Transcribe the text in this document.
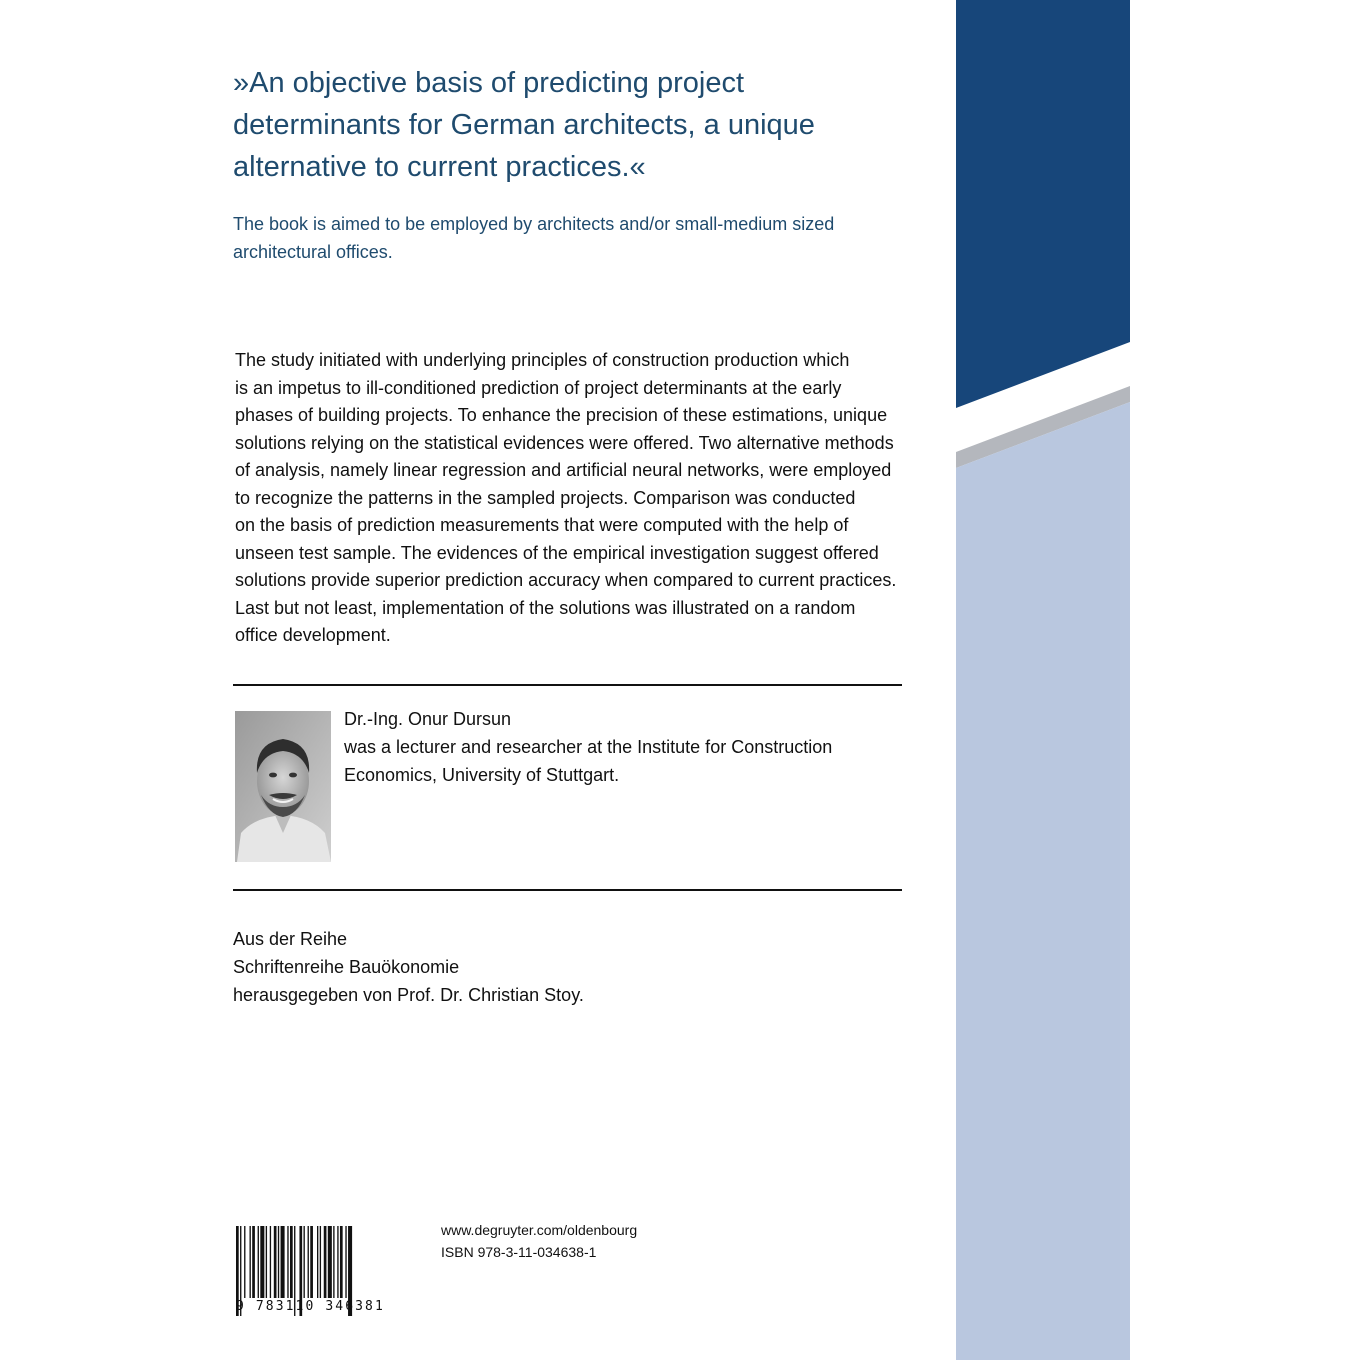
»An objective basis of predicting project determinants for German architects, a unique alternative to current practices.«

The book is aimed to be employed by architects and/or small-medium sized architectural offices.

The study initiated with underlying principles of construction production which
is an impetus to ill-conditioned prediction of project determinants at the early
phases of building projects. To enhance the precision of these estimations, unique
solutions relying on the statistical evidences were offered. Two alternative methods
of analysis, namely linear regression and artificial neural networks, were employed
to recognize the patterns in the sampled projects. Comparison was conducted
on the basis of prediction measurements that were computed with the help of
unseen test sample. The evidences of the empirical investigation suggest offered
solutions provide superior prediction accuracy when compared to current practices.
Last but not least, implementation of the solutions was illustrated on a random
office development.

Dr.-Ing. Onur Dursun
was a lecturer and researcher at the Institute for Construction
Economics, University of Stuttgart.
Aus der Reihe
Schriftenreihe Bauökonomie
herausgegeben von Prof. Dr. Christian Stoy.
9 783110 346381
www.degruyter.com/oldenbourg
ISBN 978-3-11-034638-1
